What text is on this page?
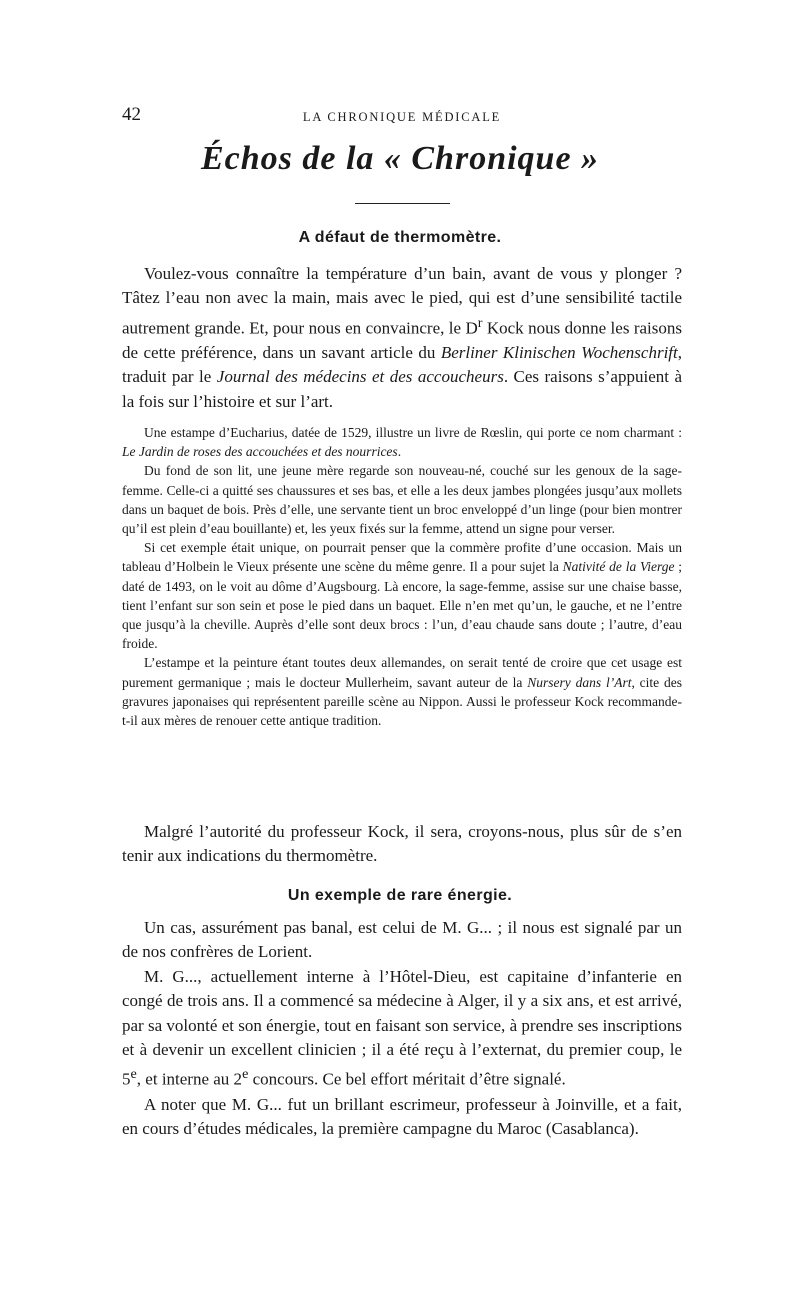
42	LA CHRONIQUE MÉDICALE
Échos de la « Chronique »
A défaut de thermomètre.

Voulez-vous connaître la température d’un bain, avant de vous y plonger ? Tâtez l’eau non avec la main, mais avec le pied, qui est d’une sensibilité tactile autrement grande. Et, pour nous en convaincre, le $D^r$ Kock nous donne les raisons de cette préférence, dans un savant article du Berliner Klinischen Wochenschrift, traduit par le Journal des médecins et des accoucheurs. Ces raisons s’appuient à la fois sur l’histoire et sur l’art.

Une estampe d’Eucharius, datée de 1529, illustre un livre de Rœslin, qui porte ce nom charmant : Le Jardin de roses des accouchées et des nourrices.

Du fond de son lit, une jeune mère regarde son nouveau-né, couché sur les genoux de la sage-femme. Celle-ci a quitté ses chaussures et ses bas, et elle a les deux jambes plongées jusqu’aux mollets dans un baquet de bois. Près d’elle, une servante tient un broc enveloppé d’un linge (pour bien montrer qu’il est plein d’eau bouillante) et, les yeux fixés sur la femme, attend un signe pour verser.

Si cet exemple était unique, on pourrait penser que la commère profite d’une occasion. Mais un tableau d’Holbein le Vieux présente une scène du même genre. Il a pour sujet la Nativité de la Vierge ; daté de 1493, on le voit au dôme d’Augsbourg. Là encore, la sage-femme, assise sur une chaise basse, tient l’enfant sur son sein et pose le pied dans un baquet. Elle n’en met qu’un, le gauche, et ne l’entre que jusqu’à la cheville. Auprès d’elle sont deux brocs : l’un, d’eau chaude sans doute ; l’autre, d’eau froide.

L’estampe et la peinture étant toutes deux allemandes, on serait tenté de croire que cet usage est purement germanique ; mais le docteur Mullerheim, savant auteur de la Nursery dans l’Art, cite des gravures japonaises qui représentent pareille scène au Nippon. Aussi le professeur Kock recommande-t-il aux mères de renouer cette antique tradition.

Malgré l’autorité du professeur Kock, il sera, croyons-nous, plus sûr de s’en tenir aux indications du thermomètre.

Un exemple de rare énergie.

Un cas, assurément pas banal, est celui de M. G... ; il nous est signalé par un de nos confrères de Lorient.

M. G..., actuellement interne à l’Hôtel-Dieu, est capitaine d’infanterie en congé de trois ans. Il a commencé sa médecine à Alger, il y a six ans, et est arrivé, par sa volonté et son énergie, tout en faisant son service, à prendre ses inscriptions et à devenir un excellent clinicien ; il a été reçu à l’externat, du premier coup, le 5e, et interne au 2e concours. Ce bel effort méritait d’être signalé.

A noter que M. G... fut un brillant escrimeur, professeur à Joinville, et a fait, en cours d’études médicales, la première campagne du Maroc (Casablanca).
